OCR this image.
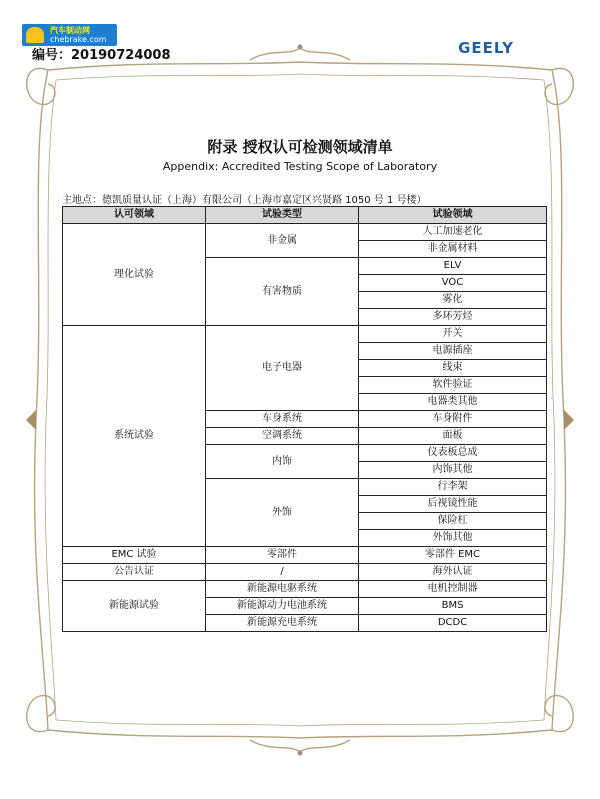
汽车制动网
chebrake.com
编号：20190724008	GEELY
附录 授权认可检测领域清单
Appendix: Accredited Testing Scope of Laboratory
主地点：德凯质量认证（上海）有限公司（上海市嘉定区兴贤路 1050 号 1 号楼）
认可领域	试验类型	试验领域
理化试验	非金属	人工加速老化
		非金属材料
	有害物质	ELV
		VOC
		雾化
		多环芳烃
系统试验	电子电器	开关
		电源插座
		线束
		软件验证
		电器类其他
	车身系统	车身附件
	空调系统	面板
	内饰	仪表板总成
		内饰其他
	外饰	行李架
		后视镜性能
		保险杠
		外饰其他
EMC 试验	零部件	零部件 EMC
公告认证	/	海外认证
新能源试验	新能源电驱系统	电机控制器
	新能源动力电池系统	BMS
	新能源充电系统	DCDC
